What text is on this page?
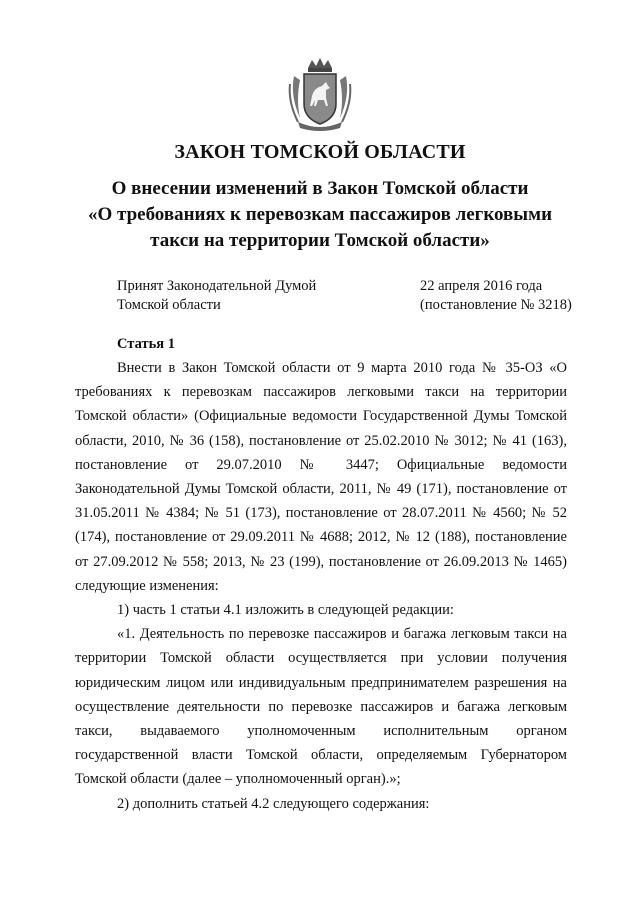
ЗАКОН ТОМСКОЙ ОБЛАСТИ
О внесении изменений в Закон Томской области
«О требованиях к перевозкам пассажиров легковыми
такси на территории Томской области»
Принят Законодательной Думой
Томской области
22 апреля 2016 года
(постановление № 3218)
Статья 1

Внести в Закон Томской области от 9 марта 2010 года № 35-ОЗ «О требованиях к перевозкам пассажиров легковыми такси на территории Томской области» (Официальные ведомости Государственной Думы Томской области, 2010, № 36 (158), постановление от 25.02.2010 № 3012; № 41 (163), постановление от 29.07.2010 № 3447; Официальные ведомости Законодательной Думы Томской области, 2011, № 49 (171), постановление от 31.05.2011 № 4384; № 51 (173), постановление от 28.07.2011 № 4560; № 52 (174), постановление от 29.09.2011 № 4688; 2012, № 12 (188), постановление от 27.09.2012 № 558; 2013, № 23 (199), постановление от 26.09.2013 № 1465) следующие изменения:

1) часть 1 статьи 4.1 изложить в следующей редакции:

«1. Деятельность по перевозке пассажиров и багажа легковым такси на территории Томской области осуществляется при условии получения юридическим лицом или индивидуальным предпринимателем разрешения на осуществление деятельности по перевозке пассажиров и багажа легковым такси, выдаваемого уполномоченным исполнительным органом государственной власти Томской области, определяемым Губернатором Томской области (далее – уполномоченный орган).»;

2) дополнить статьей 4.2 следующего содержания:
